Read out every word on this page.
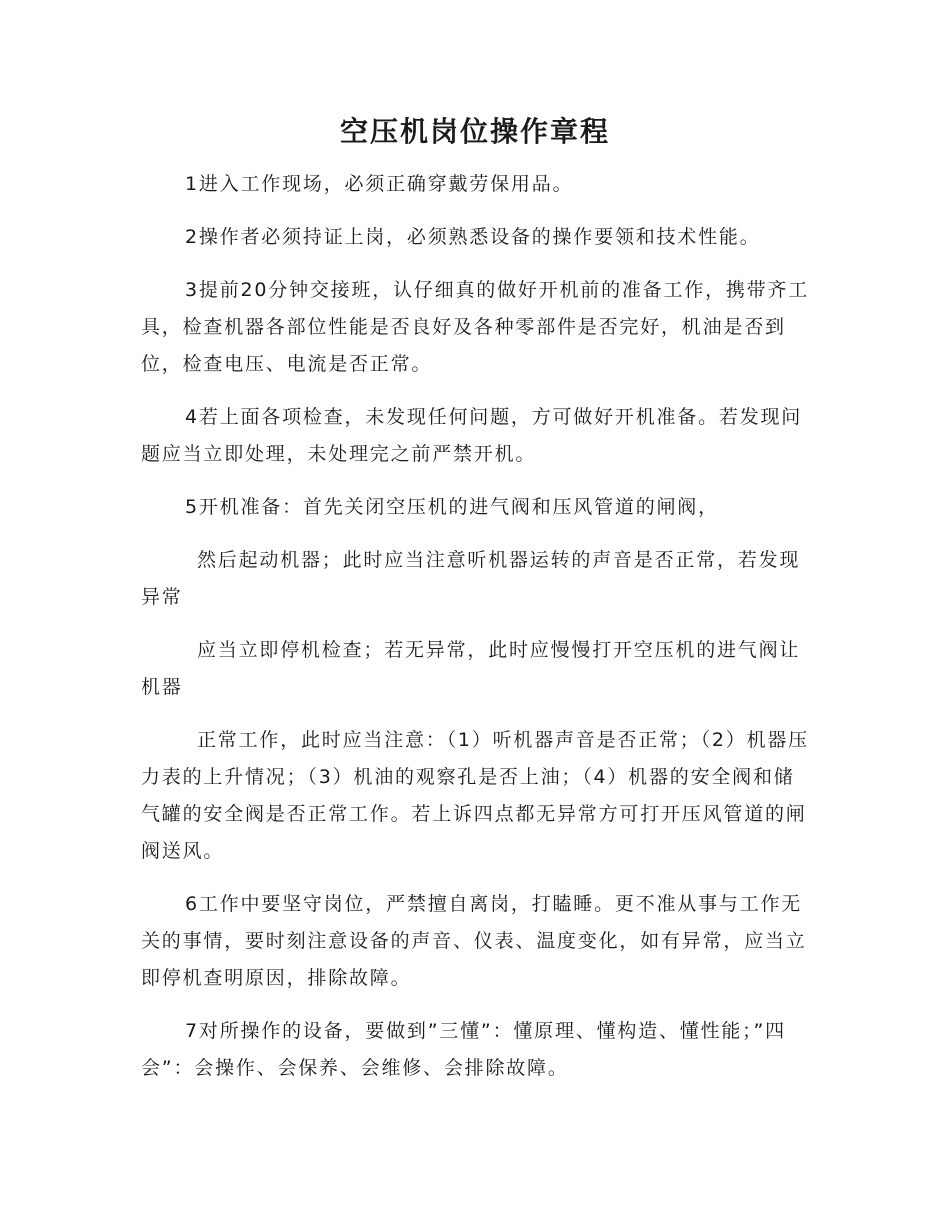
空压机岗位操作章程

1进入工作现场，必须正确穿戴劳保用品。

2操作者必须持证上岗，必须熟悉设备的操作要领和技术性能。

3提前20分钟交接班，认仔细真的做好开机前的准备工作，携带齐工具，检查机器各部位性能是否良好及各种零部件是否完好，机油是否到位，检查电压、电流是否正常。

4若上面各项检查，未发现任何问题，方可做好开机准备。若发现问题应当立即处理，未处理完之前严禁开机。

5开机准备：首先关闭空压机的进气阀和压风管道的闸阀，

然后起动机器；此时应当注意听机器运转的声音是否正常，若发现异常

应当立即停机检查；若无异常，此时应慢慢打开空压机的进气阀让机器

正常工作，此时应当注意：（1）听机器声音是否正常；（2）机器压力表的上升情况；（3）机油的观察孔是否上油；（4）机器的安全阀和储气罐的安全阀是否正常工作。若上诉四点都无异常方可打开压风管道的闸阀送风。

6工作中要坚守岗位，严禁擅自离岗，打瞌睡。更不准从事与工作无关的事情，要时刻注意设备的声音、仪表、温度变化，如有异常，应当立即停机查明原因，排除故障。

7对所操作的设备，要做到”三懂”：懂原理、懂构造、懂性能；”四会”：会操作、会保养、会维修、会排除故障。
